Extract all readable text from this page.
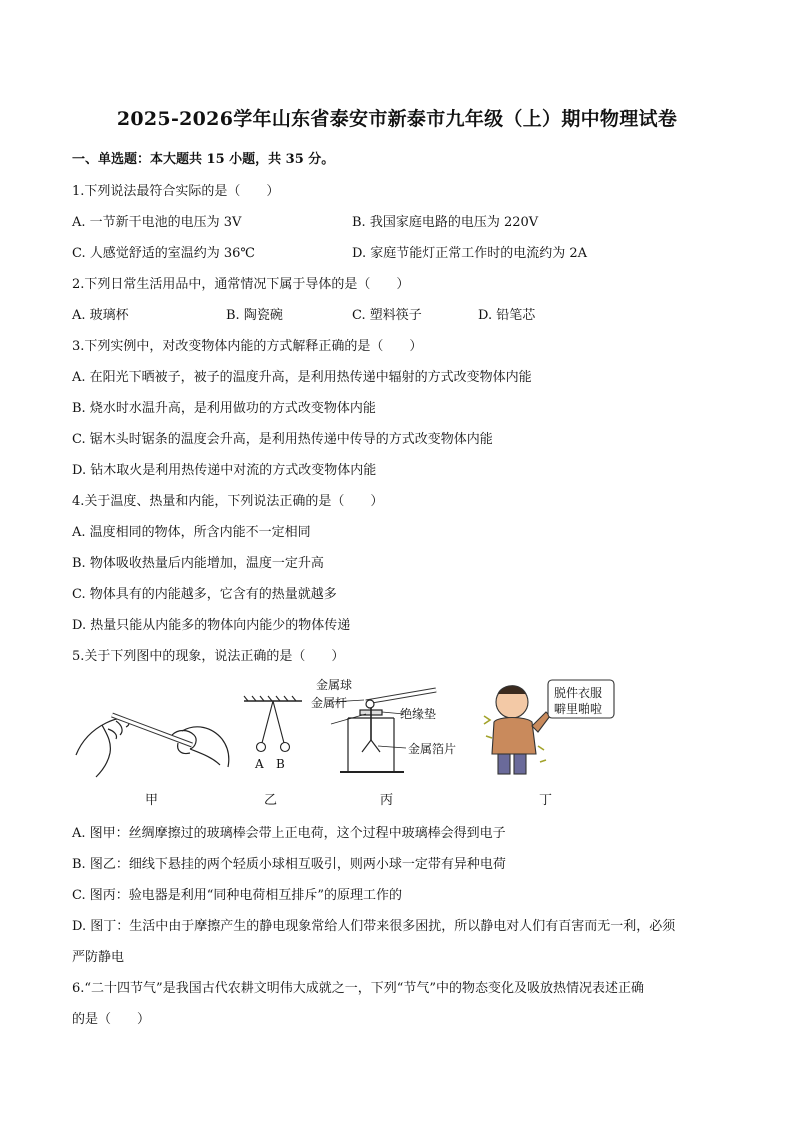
2025-2026学年山东省泰安市新泰市九年级（上）期中物理试卷
一、单选题：本大题共 15 小题，共 35 分。
1.下列说法最符合实际的是（　　）
A. 一节新干电池的电压为 3V	B. 我国家庭电路的电压为 220V
C. 人感觉舒适的室温约为 36℃	D. 家庭节能灯正常工作时的电流约为 2A
2.下列日常生活用品中，通常情况下属于导体的是（　　）
A. 玻璃杯	B. 陶瓷碗	C. 塑料筷子	D. 铅笔芯
3.下列实例中，对改变物体内能的方式解释正确的是（　　）
A. 在阳光下晒被子，被子的温度升高，是利用热传递中辐射的方式改变物体内能
B. 烧水时水温升高，是利用做功的方式改变物体内能
C. 锯木头时锯条的温度会升高，是利用热传递中传导的方式改变物体内能
D. 钻木取火是利用热传递中对流的方式改变物体内能
4.关于温度、热量和内能，下列说法正确的是（　　）
A. 温度相同的物体，所含内能不一定相同
B. 物体吸收热量后内能增加，温度一定升高
C. 物体具有的内能越多，它含有的热量就越多
D. 热量只能从内能多的物体向内能少的物体传递
5.关于下列图中的现象，说法正确的是（　　）
A B
金属球
金属杆
绝缘垫
金属箔片
脱件衣服
噼里啪啦
甲	乙	丙	丁
A. 图甲：丝绸摩擦过的玻璃棒会带上正电荷，这个过程中玻璃棒会得到电子
B. 图乙：细线下悬挂的两个轻质小球相互吸引，则两小球一定带有异种电荷
C. 图丙：验电器是利用“同种电荷相互排斥”的原理工作的
D. 图丁：生活中由于摩擦产生的静电现象常给人们带来很多困扰，所以静电对人们有百害而无一利，必须
严防静电
6.“二十四节气”是我国古代农耕文明伟大成就之一，下列“节气”中的物态变化及吸放热情况表述正确
的是（　　）
